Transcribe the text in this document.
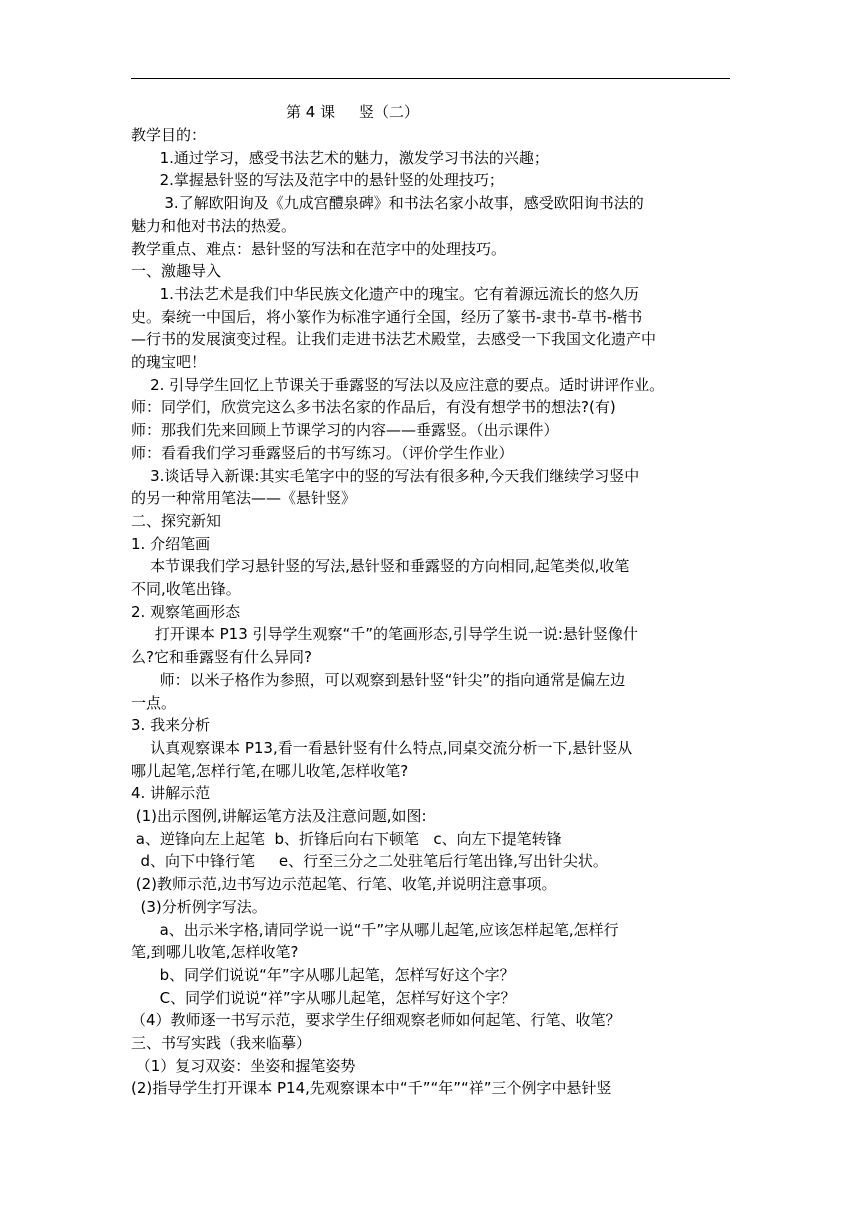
第 4 课 竖（二）
教学目的：
1.通过学习，感受书法艺术的魅力，激发学习书法的兴趣；
2.掌握悬针竖的写法及范字中的悬针竖的处理技巧；
3.了解欧阳询及《九成宫醴泉碑》和书法名家小故事，感受欧阳询书法的
魅力和他对书法的热爱。
教学重点、难点：悬针竖的写法和在范字中的处理技巧。
一、激趣导入
1.书法艺术是我们中华民族文化遗产中的瑰宝。它有着源远流长的悠久历
史。秦统一中国后，将小篆作为标准字通行全国，经历了篆书-隶书-草书-楷书
—行书的发展演变过程。让我们走进书法艺术殿堂，去感受一下我国文化遗产中
的瑰宝吧！
2. 引导学生回忆上节课关于垂露竖的写法以及应注意的要点。适时讲评作业。
师：同学们，欣赏完这么多书法名家的作品后，有没有想学书的想法?(有)
师：那我们先来回顾上节课学习的内容——垂露竖。（出示课件）
师：看看我们学习垂露竖后的书写练习。（评价学生作业）
3.谈话导入新课:其实毛笔字中的竖的写法有很多种,今天我们继续学习竖中
的另一种常用笔法——《悬针竖》
二、探究新知
1. 介绍笔画
本节课我们学习悬针竖的写法,悬针竖和垂露竖的方向相同,起笔类似,收笔
不同,收笔出锋。
2. 观察笔画形态
打开课本 P13 引导学生观察“千”的笔画形态,引导学生说一说:悬针竖像什
么?它和垂露竖有什么异同?
师：以米子格作为参照，可以观察到悬针竖“针尖”的指向通常是偏左边
一点。
3. 我来分析
认真观察课本 P13,看一看悬针竖有什么特点,同桌交流分析一下,悬针竖从
哪儿起笔,怎样行笔,在哪儿收笔,怎样收笔?
4. 讲解示范
(1)出示图例,讲解运笔方法及注意问题,如图:
a、逆锋向左上起笔  b、折锋后向右下顿笔   c、向左下提笔转锋
d、向下中锋行笔     e、行至三分之二处驻笔后行笔出锋,写出针尖状。
(2)教师示范,边书写边示范起笔、行笔、收笔,并说明注意事项。
(3)分析例字写法。
a、出示米字格,请同学说一说“千”字从哪儿起笔,应该怎样起笔,怎样行
笔,到哪儿收笔,怎样收笔?
b、同学们说说“年”字从哪儿起笔，怎样写好这个字？
C、同学们说说“祥”字从哪儿起笔，怎样写好这个字？
（4）教师逐一书写示范，要求学生仔细观察老师如何起笔、行笔、收笔？
三、书写实践（我来临摹）
（1）复习双姿：坐姿和握笔姿势
(2)指导学生打开课本 P14,先观察课本中“千”“年”“祥”三个例字中悬针竖
